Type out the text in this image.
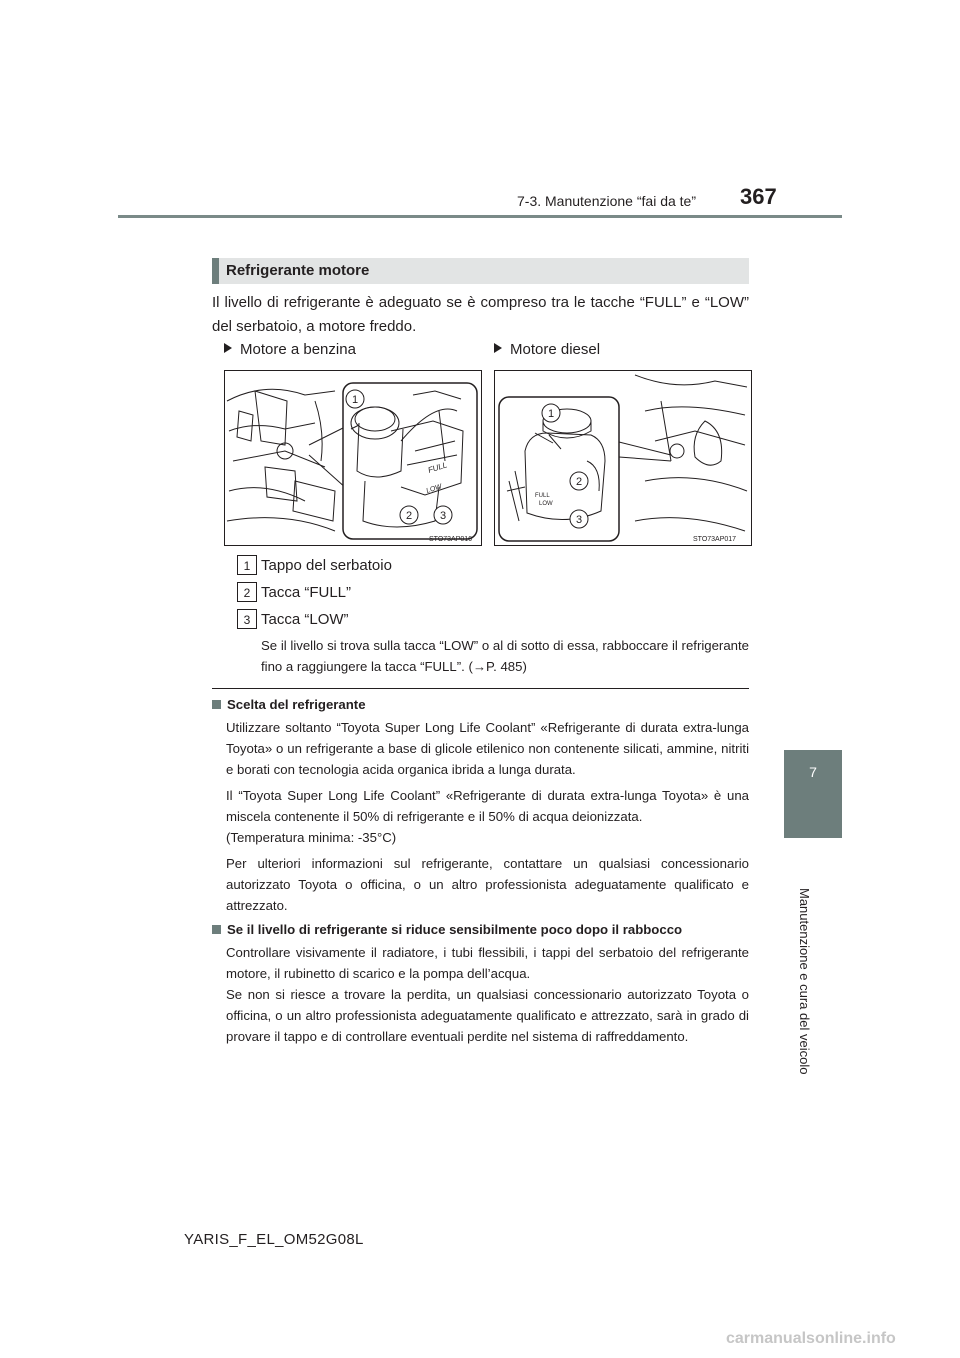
7-3. Manutenzione “fai da te” 367
7
Manutenzione e cura del veicolo
Refrigerante motore
Il livello di refrigerante è adeguato se è compreso tra le tacche “FULL” e “LOW” del serbatoio, a motore freddo.
Motore a benzina	Motore diesel
FULL
LOW
1
2	3
STO73AP016
FULL
LOW
1
2
3
STO73AP017
1 Tappo del serbatoio
2 Tacca “FULL”
3 Tacca “LOW”
Se il livello si trova sulla tacca “LOW” o al di sotto di essa, rabboccare il refrigerante fino a raggiungere la tacca “FULL”. (→P. 485)
Scelta del refrigerante
Utilizzare soltanto “Toyota Super Long Life Coolant” «Refrigerante di durata extra-lunga Toyota» o un refrigerante a base di glicole etilenico non contenente silicati, ammine, nitriti e borati con tecnologia acida organica ibrida a lunga durata.
Il “Toyota Super Long Life Coolant” «Refrigerante di durata extra-lunga Toyota» è una miscela contenente il 50% di refrigerante e il 50% di acqua deionizzata.
(Temperatura minima: -35°C)
Per ulteriori informazioni sul refrigerante, contattare un qualsiasi concessionario autorizzato Toyota o officina, o un altro professionista adeguatamente qualificato e attrezzato.
Se il livello di refrigerante si riduce sensibilmente poco dopo il rabbocco
Controllare visivamente il radiatore, i tubi flessibili, i tappi del serbatoio del refrigerante motore, il rubinetto di scarico e la pompa dell’acqua.
Se non si riesce a trovare la perdita, un qualsiasi concessionario autorizzato Toyota o officina, o un altro professionista adeguatamente qualificato e attrezzato, sarà in grado di provare il tappo e di controllare eventuali perdite nel sistema di raffreddamento.
YARIS_F_EL_OM52G08L
carmanualsonline.info
